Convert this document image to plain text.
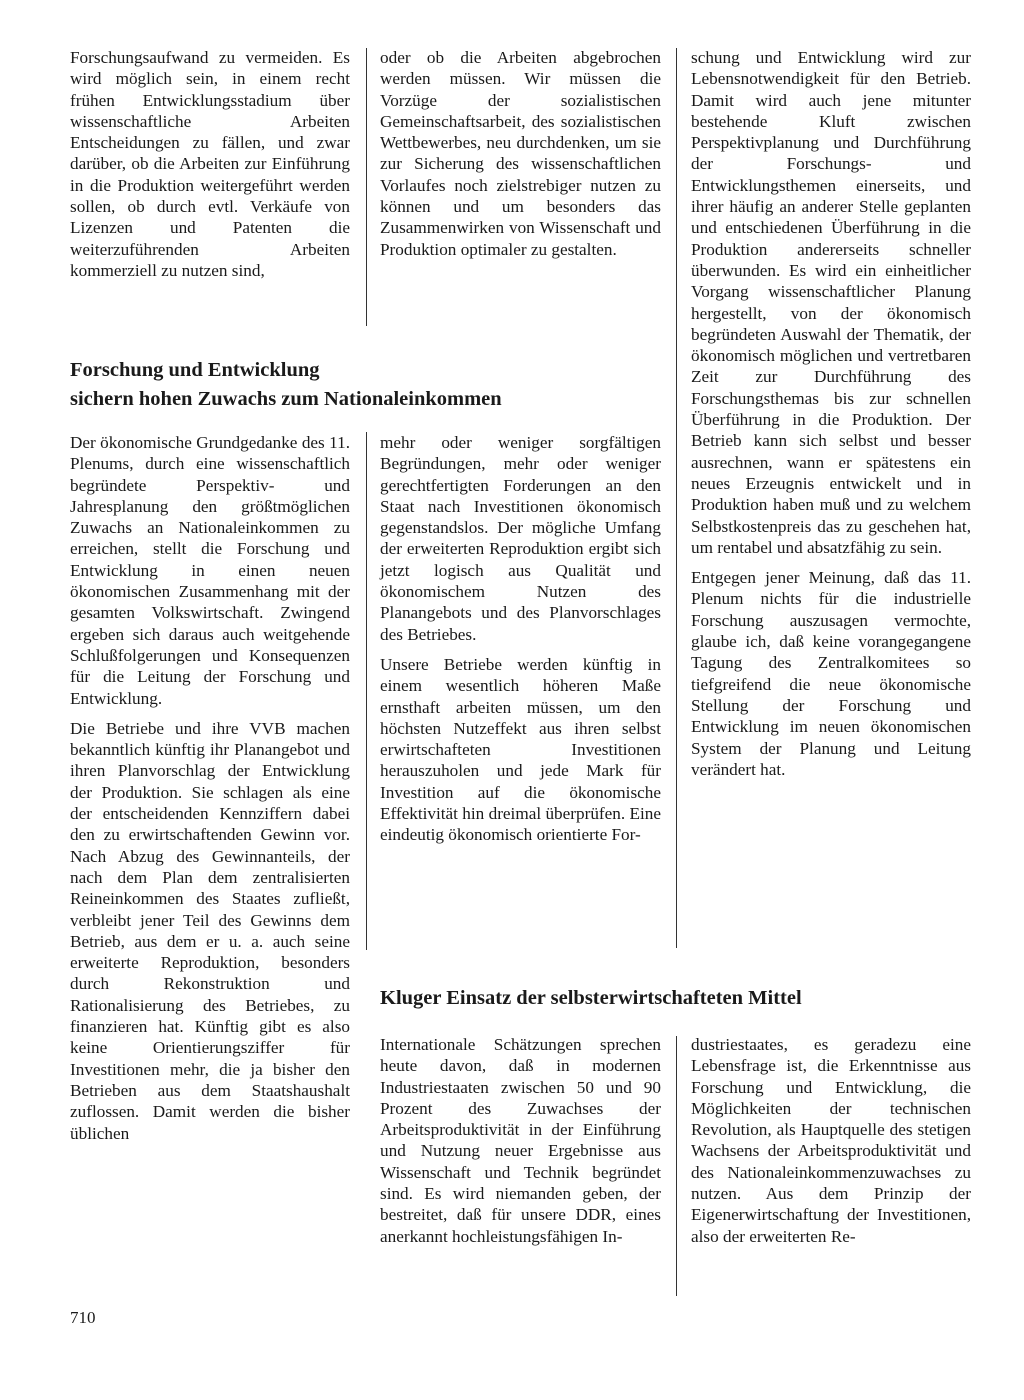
Forschungsaufwand zu vermeiden. Es wird möglich sein, in einem recht frühen Entwicklungsstadium über wissenschaftliche Arbeiten Entscheidungen zu fällen, und zwar darüber, ob die Arbeiten zur Einführung in die Produktion weitergeführt werden sollen, ob durch evtl. Verkäufe von Lizenzen und Patenten die weiterzuführenden Arbeiten kommerziell zu nutzen sind,

oder ob die Arbeiten abgebrochen werden müssen. Wir müssen die Vorzüge der sozialistischen Gemeinschaftsarbeit, des sozialistischen Wettbewerbes, neu durchdenken, um sie zur Sicherung des wissenschaftlichen Vorlaufes noch zielstrebiger nutzen zu können und um besonders das Zusammenwirken von Wissenschaft und Produktion optimaler zu gestalten.

Forschung und Entwicklung
sichern hohen Zuwachs zum Nationaleinkommen

Der ökonomische Grundgedanke des 11. Plenums, durch eine wissenschaftlich begründete Perspektiv- und Jahresplanung den größtmöglichen Zuwachs an Nationaleinkommen zu erreichen, stellt die Forschung und Entwicklung in einen neuen ökonomischen Zusammenhang mit der gesamten Volkswirtschaft. Zwingend ergeben sich daraus auch weitgehende Schlußfolgerungen und Konsequenzen für die Leitung der Forschung und Entwicklung.

Die Betriebe und ihre VVB machen bekanntlich künftig ihr Planangebot und ihren Planvorschlag der Entwicklung der Produktion. Sie schlagen als eine der entscheidenden Kennziffern dabei den zu erwirtschaftenden Gewinn vor. Nach Abzug des Gewinnanteils, der nach dem Plan dem zentralisierten Reineinkommen des Staates zufließt, verbleibt jener Teil des Gewinns dem Betrieb, aus dem er u. a. auch seine erweiterte Reproduktion, besonders durch Rekonstruktion und Rationalisierung des Betriebes, zu finanzieren hat. Künftig gibt es also keine Orientierungsziffer für Investitionen mehr, die ja bisher den Betrieben aus dem Staatshaushalt zuflossen. Damit werden die bisher üblichen

mehr oder weniger sorgfältigen Begründungen, mehr oder weniger gerechtfertigten Forderungen an den Staat nach Investitionen ökonomisch gegenstandslos. Der mögliche Umfang der erweiterten Reproduktion ergibt sich jetzt logisch aus Qualität und ökonomischem Nutzen des Planangebots und des Planvorschlages des Betriebes.

Unsere Betriebe werden künftig in einem wesentlich höheren Maße ernsthaft arbeiten müssen, um den höchsten Nutzeffekt aus ihren selbst erwirtschafteten Investitionen herauszuholen und jede Mark für Investition auf die ökonomische Effektivität hin dreimal überprüfen. Eine eindeutig ökonomisch orientierte For-

schung und Entwicklung wird zur Lebensnotwendigkeit für den Betrieb. Damit wird auch jene mitunter bestehende Kluft zwischen Perspektivplanung und Durchführung der Forschungs- und Entwicklungsthemen einerseits, und ihrer häufig an anderer Stelle geplanten und entschiedenen Überführung in die Produktion andererseits schneller überwunden. Es wird ein einheitlicher Vorgang wissenschaftlicher Planung hergestellt, von der ökonomisch begründeten Auswahl der Thematik, der ökonomisch möglichen und vertretbaren Zeit zur Durchführung des Forschungsthemas bis zur schnellen Überführung in die Produktion. Der Betrieb kann sich selbst und besser ausrechnen, wann er spätestens ein neues Erzeugnis entwickelt und in Produktion haben muß und zu welchem Selbstkostenpreis das zu geschehen hat, um rentabel und absatzfähig zu sein.

Entgegen jener Meinung, daß das 11. Plenum nichts für die industrielle Forschung auszusagen vermochte, glaube ich, daß keine vorangegangene Tagung des Zentralkomitees so tiefgreifend die neue ökonomische Stellung der Forschung und Entwicklung im neuen ökonomischen System der Planung und Leitung verändert hat.

Kluger Einsatz der selbsterwirtschafteten Mittel

Internationale Schätzungen sprechen heute davon, daß in modernen Industriestaaten zwischen 50 und 90 Prozent des Zuwachses der Arbeitsproduktivität in der Einführung und Nutzung neuer Ergebnisse aus Wissenschaft und Technik begründet sind. Es wird niemanden geben, der bestreitet, daß für unsere DDR, eines anerkannt hochleistungsfähigen In-

dustriestaates, es geradezu eine Lebensfrage ist, die Erkenntnisse aus Forschung und Entwicklung, die Möglichkeiten der technischen Revolution, als Hauptquelle des stetigen Wachsens der Arbeitsproduktivität und des Nationaleinkommenzuwachses zu nutzen. Aus dem Prinzip der Eigenerwirtschaftung der Investitionen, also der erweiterten Re-

710
